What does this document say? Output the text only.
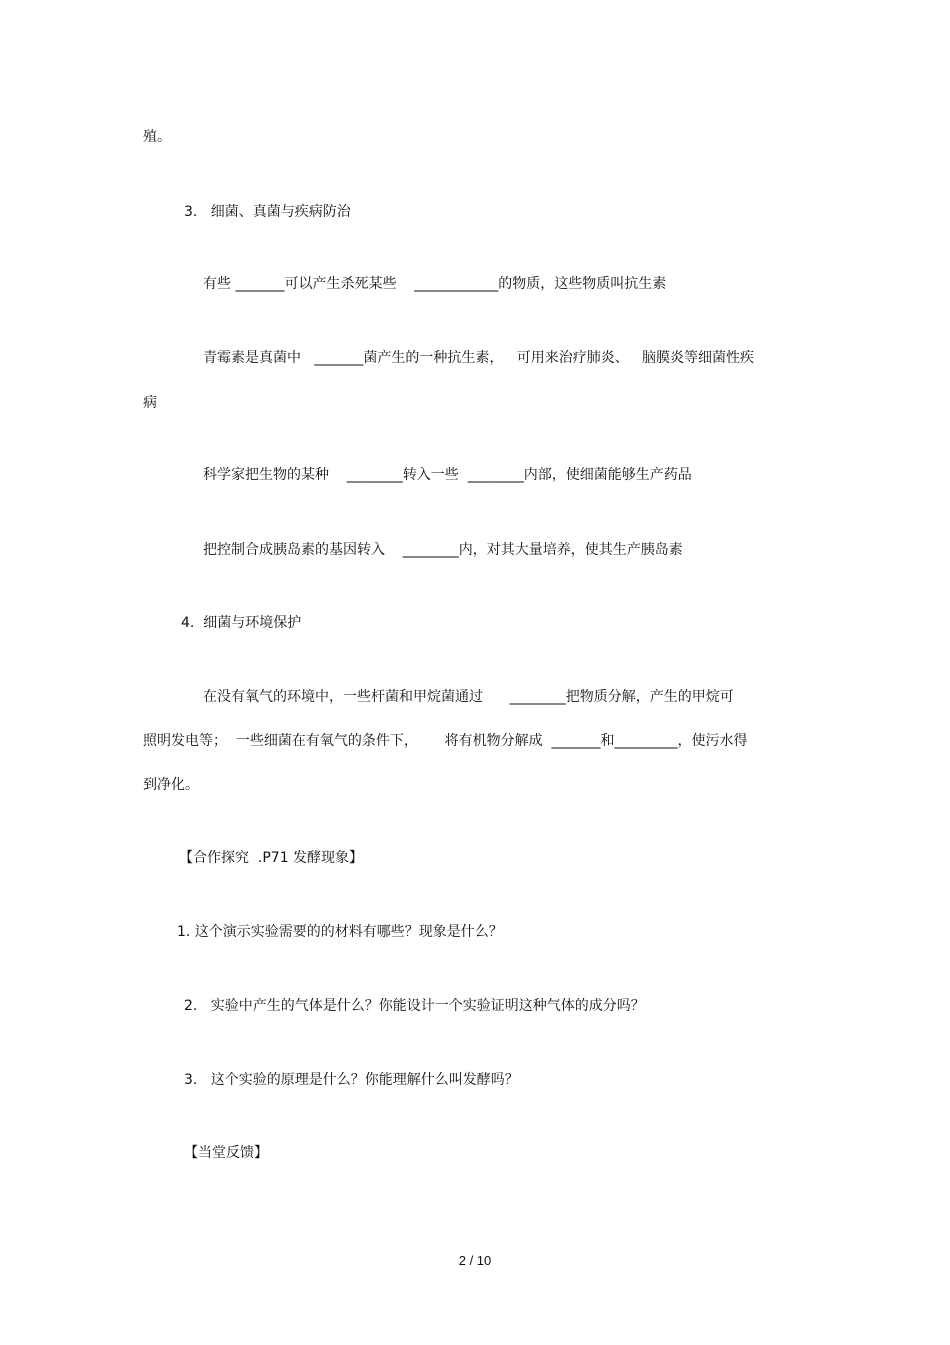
殖。
3.   细菌、真菌与疾病防治
有些 _______可以产生杀死某些    ____________的物质，这些物质叫抗生素
青霉素是真菌中   _______菌产生的一种抗生素，   可用来治疗肺炎、   脑膜炎等细菌性疾
病
科学家把生物的某种    ________转入一些  ________内部，使细菌能够生产药品
把控制合成胰岛素的基因转入    ________内，对其大量培养，使其生产胰岛素
4.  细菌与环境保护
在没有氧气的环境中，一些杆菌和甲烷菌通过      ________把物质分解，产生的甲烷可
照明发电等；  一些细菌在有氧气的条件下，      将有机物分解成  _______和_________，使污水得
到净化。
【合作探究  .P71 发酵现象】
1. 这个演示实验需要的的材料有哪些？现象是什么？
2.   实验中产生的气体是什么？你能设计一个实验证明这种气体的成分吗？
3.   这个实验的原理是什么？你能理解什么叫发酵吗？
【当堂反馈】
2 / 10
